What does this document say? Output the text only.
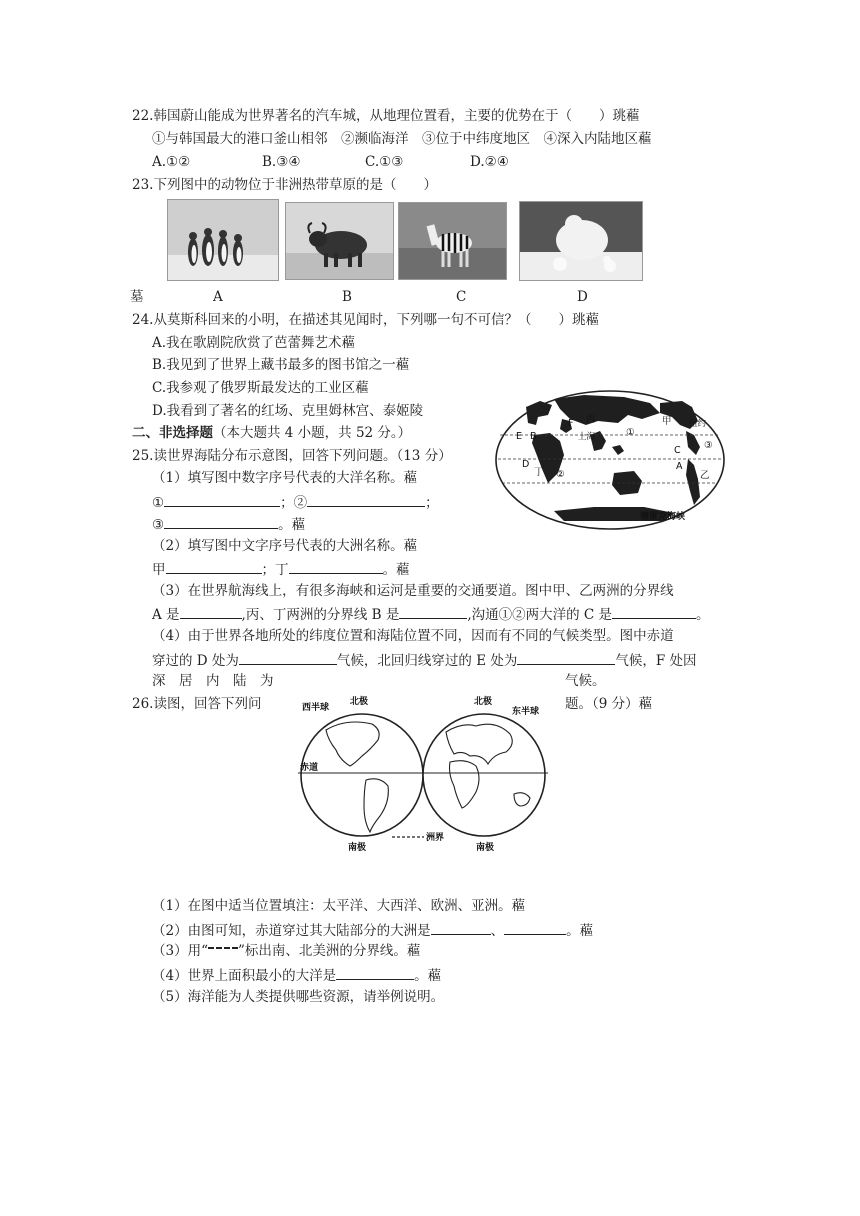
22.韩国蔚山能成为世界著名的汽车城，从地理位置看，主要的优势在于（　　）珧藲
①与韩国最大的港口釜山相邻　②濒临海洋　③位于中纬度地区　④深入内陆地区藲
A.①②	B.③④	C.①③	D.②④
23.下列图中的动物位于非洲热带草原的是（　　）
墓	A	B	C	D
24.从莫斯科回来的小明，在描述其见闻时，下列哪一句不可信？（　　）珧藲
A.我在歌剧院欣赏了芭蕾舞艺术藲
B.我见到了世界上藏书最多的图书馆之一藲
C.我参观了俄罗斯最发达的工业区藲
D.我看到了著名的红场、克里姆林宫、泰姬陵
二、非选择题（本大题共 4 小题，共 52 分。）
丙
F
上海	①
甲 纽约
E B
③
D
丁 ②
C
A
乙
德雷克海峡
25.读世界海陆分布示意图，回答下列问题。（13 分）
（1）填写图中数字序号代表的大洋名称。藲
①	；②	；
③	。藲
（2）填写图中文字序号代表的大洲名称。藲
甲	；丁	。藲
（3）在世界航海线上，有很多海峡和运河是重要的交通要道。图中甲、乙两洲的分界线
A 是	,丙、丁两洲的分界线 B 是	,沟通①②两大洋的 C 是	。
（4）由于世界各地所处的纬度位置和海陆位置不同，因而有不同的气候类型。图中赤道
穿过的 D 处为	气候，北回归线穿过的 E 处为	气候，F 处因
深　居　内　陆　为	气候。
26.读图，回答下列问	题。（9 分）藲
西半球
北极	北极
东半球
赤道
南极	南极
洲界
（1）在图中适当位置填注：太平洋、大西洋、欧洲、亚洲。藲
（2）由图可知，赤道穿过其大陆部分的大洲是	、	。藲
（3）用“ ”标出南、北美洲的分界线。藲
（4）世界上面积最小的大洋是	。藲
（5）海洋能为人类提供哪些资源，请举例说明。
